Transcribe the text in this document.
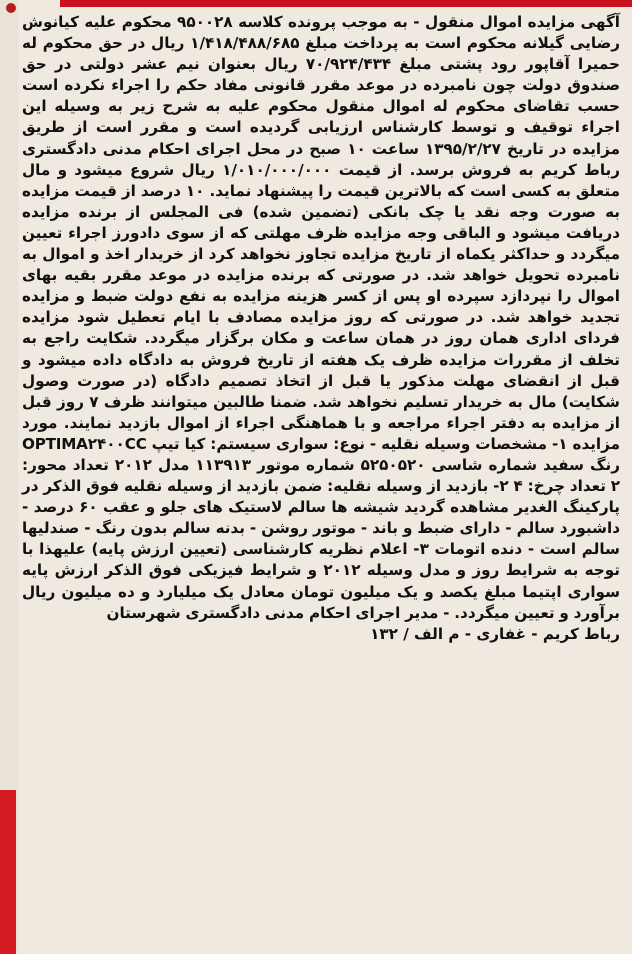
آگهی مزایده اموال منقول - به موجب پرونده کلاسه ۹۵۰۰۲۸ محکوم علیه کیانوش رضایی گیلانه محکوم است به پرداخت مبلغ ۱/۴۱۸/۴۸۸/۶۸۵ ریال در حق محکوم له حمیرا آقاپور رود پشتی مبلغ ۷۰/۹۲۴/۴۳۴ ریال بعنوان نیم عشر دولتی در حق صندوق دولت چون نامبرده در موعد مقرر قانونی مفاد حکم را اجراء نکرده است حسب تقاضای محکوم له اموال منقول محکوم علیه به شرح زیر به وسیله این اجراء توقیف و توسط کارشناس ارزیابی گردیده است و مقرر است از طریق مزایده در تاریخ ۱۳۹۵/۲/۲۷ ساعت ۱۰ صبح در محل اجرای احکام مدنی دادگستری رباط کریم به فروش برسد. از قیمت ۱/۰۱۰/۰۰۰/۰۰۰ ریال شروع میشود و مال متعلق به کسی است که بالاترین قیمت را پیشنهاد نماید. ۱۰ درصد از قیمت مزایده به صورت وجه نقد یا چک بانکی (تضمین شده) فی المجلس از برنده مزایده دریافت میشود و الباقی وجه مزایده ظرف مهلتی که از سوی دادورز اجراء تعیین میگردد و حداکثر یکماه از تاریخ مزایده تجاوز نخواهد کرد از خریدار اخذ و اموال به نامبرده تحویل خواهد شد. در صورتی که برنده مزایده در موعد مقرر بقیه بهای اموال را نپردازد سپرده او پس از کسر هزینه مزایده به نفع دولت ضبط و مزایده تجدید خواهد شد. در صورتی که روز مزایده مصادف با ایام تعطیل شود مزایده فردای اداری همان روز در همان ساعت و مکان برگزار میگردد. شکایت راجع به تخلف از مقررات مزایده ظرف یک هفته از تاریخ فروش به دادگاه داده میشود و قبل از انقضای مهلت مذکور یا قبل از اتخاذ تصمیم دادگاه (در صورت وصول شکایت) مال به خریدار تسلیم نخواهد شد. ضمنا طالبین میتوانند ظرف ۷ روز قبل از مزایده به دفتر اجراء مراجعه و با هماهنگی اجراء از اموال بازدید نمایند. مورد مزایده ۱- مشخصات وسیله نقلیه - نوع: سواری سیستم: کیا تیپ OPTIMA۲۴۰۰CC رنگ سفید شماره شاسی ۵۲۵۰۵۲۰ شماره موتور ۱۱۳۹۱۳ مدل ۲۰۱۲ تعداد محور: ۲ تعداد چرخ: ۴ ۲- بازدید از وسیله نقلیه: ضمن بازدید از وسیله نقلیه فوق الذکر در پارکینگ الغدیر مشاهده گردید شیشه ها سالم لاستیک های جلو و عقب ۶۰ درصد - داشبورد سالم - دارای ضبط و باند - موتور روشن - بدنه سالم بدون رنگ - صندلیها سالم است - دنده اتومات ۳- اعلام نظریه کارشناسی (تعیین ارزش پایه) علیهذا با توجه به شرایط روز و مدل وسیله ۲۰۱۲ و شرایط فیزیکی فوق الذکر ارزش پایه سواری اپتیما مبلغ یکصد و یک میلیون تومان معادل یک میلیارد و ده میلیون ریال برآورد و تعیین میگردد. - مدیر اجرای احکام مدنی دادگستری شهرستان

رباط کریم - غفاری - م الف / ۱۳۲
